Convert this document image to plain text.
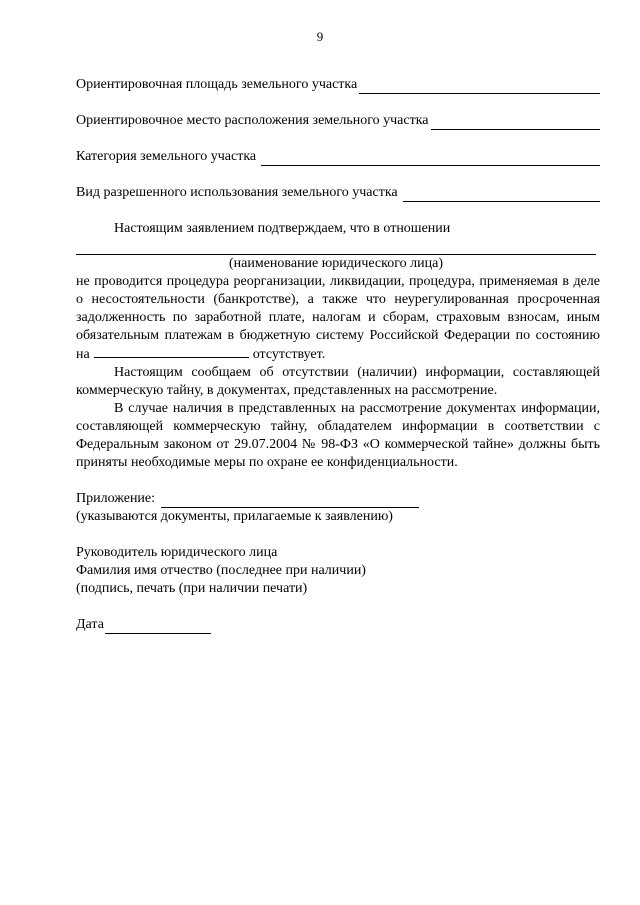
9
Ориентировочная площадь земельного участка
Ориентировочное место расположения земельного участка
Категория земельного участка
Вид разрешенного использования земельного участка
Настоящим заявлением подтверждаем, что в отношении
(наименование юридического лица)

не проводится процедура реорганизации, ликвидации, процедура, применяемая в деле о несостоятельности (банкротстве), а также что неурегулированная просроченная задолженность по заработной плате, налогам и сборам, страховым взносам, иным обязательным платежам в бюджетную систему Российской Федерации по состоянию на	отсутствует.

Настоящим сообщаем об отсутствии (наличии) информации, составляющей коммерческую тайну, в документах, представленных на рассмотрение.

В случае наличия в представленных на рассмотрение документах информации, составляющей коммерческую тайну, обладателем информации в соответствии с Федеральным законом от 29.07.2004 № 98-ФЗ «О коммерческой тайне» должны быть приняты необходимые меры по охране ее конфиденциальности.

Приложение:
(указываются документы, прилагаемые к заявлению)
Руководитель юридического лица
Фамилия имя отчество (последнее при наличии)
(подпись, печать (при наличии печати)
Дата
